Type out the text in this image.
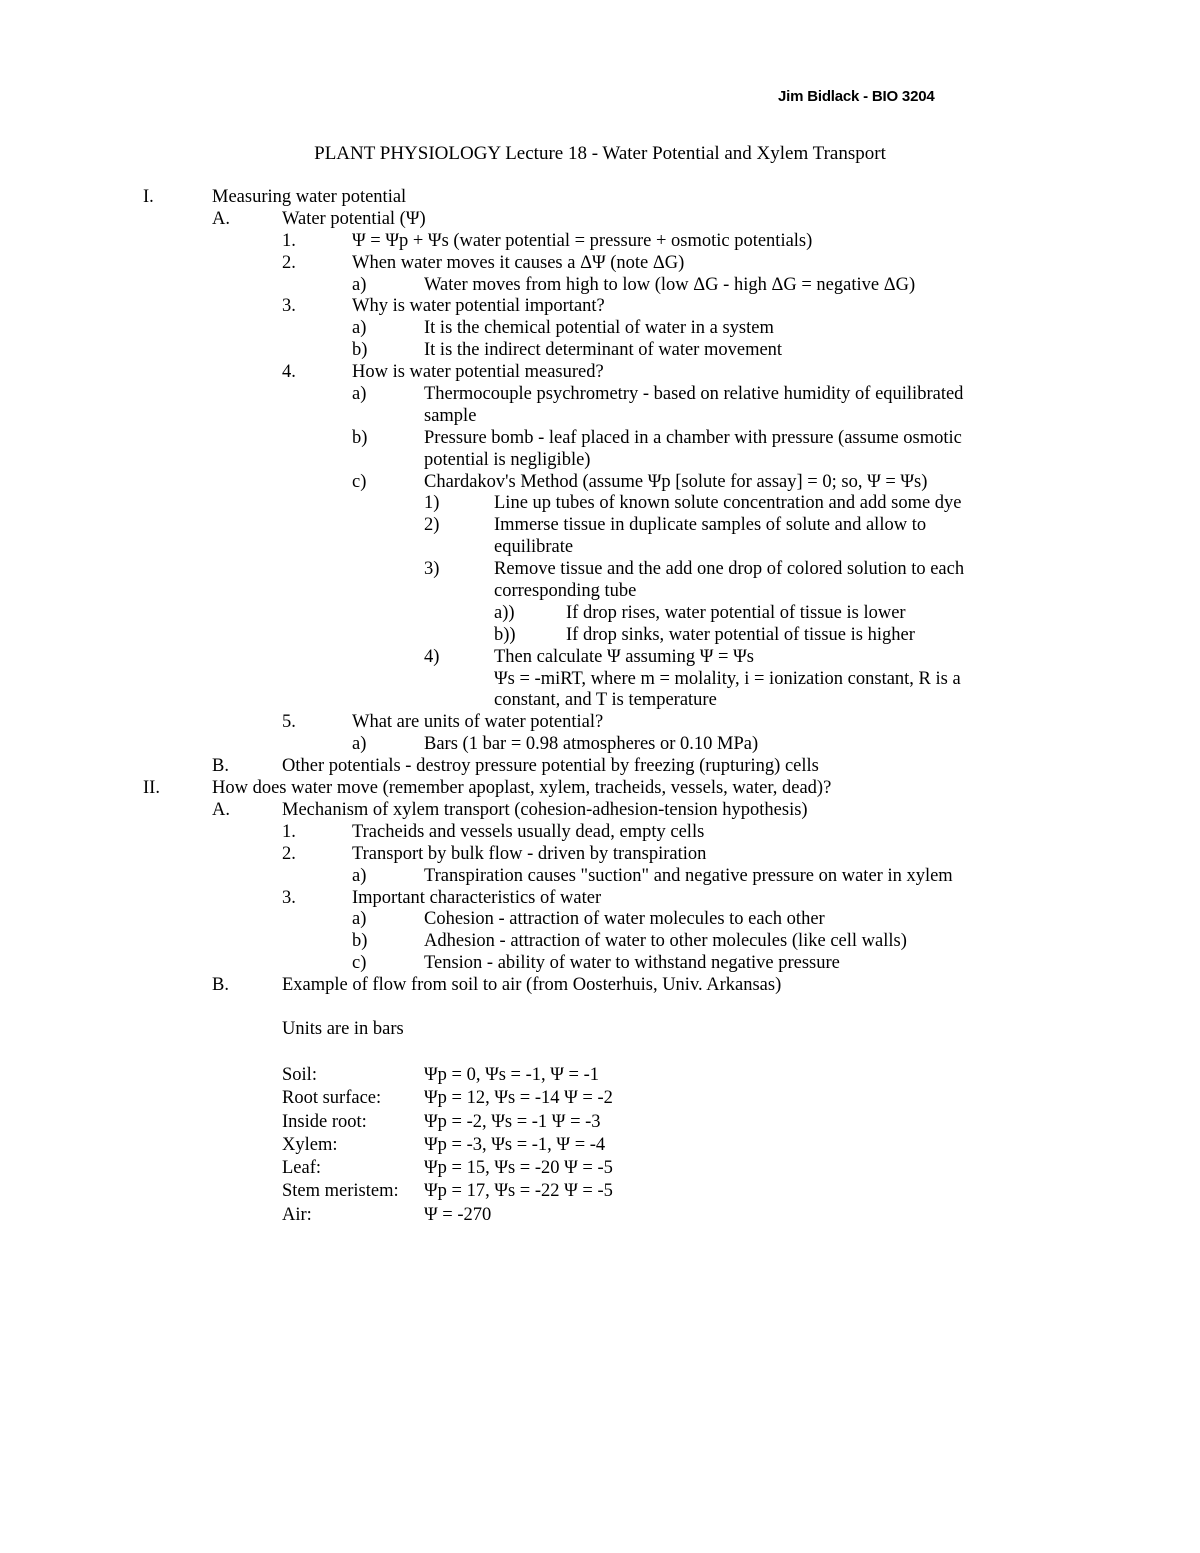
Jim Bidlack - BIO 3204
PLANT PHYSIOLOGY Lecture 18 - Water Potential and Xylem Transport
I.	Measuring water potential
A.	Water potential (Ψ)
1.	Ψ = Ψp + Ψs (water potential = pressure + osmotic potentials)
2.	When water moves it causes a ΔΨ (note ΔG)
a)	Water moves from high to low (low ΔG - high ΔG = negative ΔG)
3.	Why is water potential important?
a)	It is the chemical potential of water in a system
b)	It is the indirect determinant of water movement
4.	How is water potential measured?
a)	Thermocouple psychrometry - based on relative humidity of equilibrated
sample
b)	Pressure bomb - leaf placed in a chamber with pressure (assume osmotic
potential is negligible)
c)	Chardakov's Method (assume Ψp [solute for assay] = 0; so, Ψ = Ψs)
1)	Line up tubes of known solute concentration and add some dye
2)	Immerse tissue in duplicate samples of solute and allow to
equilibrate
3)	Remove tissue and the add one drop of colored solution to each
corresponding tube
a))	If drop rises, water potential of tissue is lower
b))	If drop sinks, water potential of tissue is higher
4)	Then calculate Ψ assuming Ψ = Ψs
Ψs = -miRT, where m = molality, i = ionization constant, R is a
constant, and T is temperature
5.	What are units of water potential?
a)	Bars (1 bar = 0.98 atmospheres or 0.10 MPa)
B.	Other potentials - destroy pressure potential by freezing (rupturing) cells
II.	How does water move (remember apoplast, xylem, tracheids, vessels, water, dead)?
A.	Mechanism of xylem transport (cohesion-adhesion-tension hypothesis)
1.	Tracheids and vessels usually dead, empty cells
2.	Transport by bulk flow - driven by transpiration
a)	Transpiration causes "suction" and negative pressure on water in xylem
3.	Important characteristics of water
a)	Cohesion - attraction of water molecules to each other
b)	Adhesion - attraction of water to other molecules (like cell walls)
c)	Tension - ability of water to withstand negative pressure
B.	Example of flow from soil to air (from Oosterhuis, Univ. Arkansas)
Units are in bars
Soil:	Ψp = 0, Ψs = -1, Ψ = -1
Root surface: Ψp = 12, Ψs = -14 Ψ = -2
Inside root:	Ψp = -2, Ψs = -1 Ψ = -3
Xylem:	Ψp = -3, Ψs = -1, Ψ = -4
Leaf:	Ψp = 15, Ψs = -20 Ψ = -5
Stem meristem: Ψp = 17, Ψs = -22 Ψ = -5
Air:	Ψ = -270
